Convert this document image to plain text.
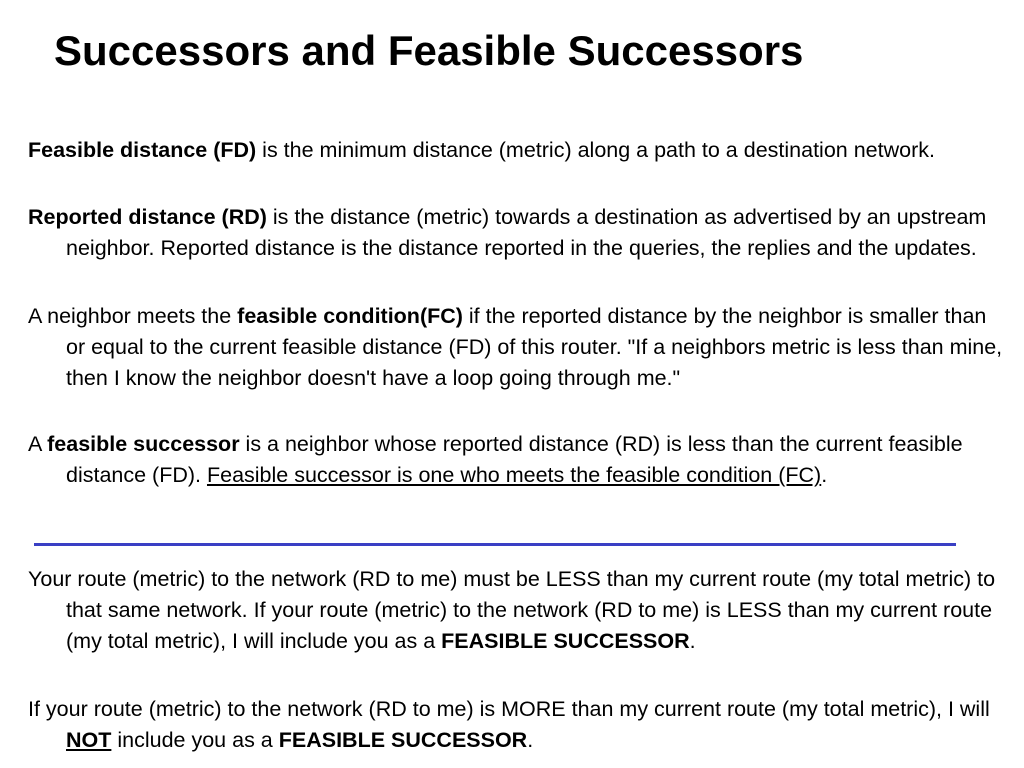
Successors and Feasible Successors

Feasible distance (FD) is the minimum distance (metric) along a path to a destination network.

Reported distance (RD) is the distance (metric) towards a destination as advertised by an upstream neighbor. Reported distance is the distance reported in the queries, the replies and the updates.

A neighbor meets the feasible condition(FC) if the reported distance by the neighbor is smaller than or equal to the current feasible distance (FD) of this router. "If a neighbors metric is less than mine, then I know the neighbor doesn't have a loop going through me."

A feasible successor is a neighbor whose reported distance (RD) is less than the current feasible distance (FD). Feasible successor is one who meets the feasible condition (FC).

Your route (metric) to the network (RD to me) must be LESS than my current route (my total metric) to that same network. If your route (metric) to the network (RD to me) is LESS than my current route (my total metric), I will include you as a FEASIBLE SUCCESSOR.

If your route (metric) to the network (RD to me) is MORE than my current route (my total metric), I will NOT include you as a FEASIBLE SUCCESSOR.
